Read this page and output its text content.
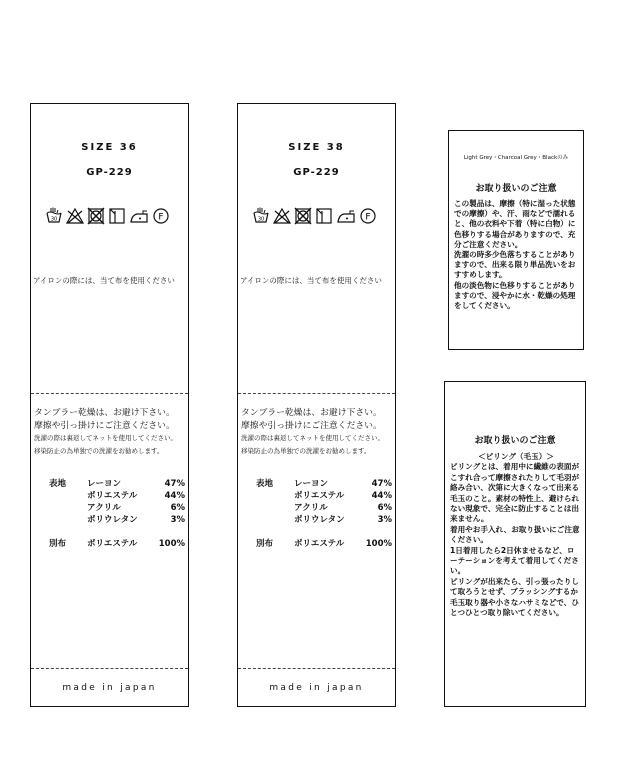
SIZE 36
GP-229
30	F
アイロンの際には、当て布を使用ください
タンブラー乾燥は、お避け下さい。
摩擦や引っ掛けにご注意ください。
洗濯の際は裏返してネットを使用してください。
移染防止の為単独での洗濯をお勧めします。
表地	レーヨン	47%
ポリエステル	44%
アクリル	6%
ポリウレタン	3%
別布	ポリエステル	100%
made in japan
SIZE 38
GP-229
30	F
アイロンの際には、当て布を使用ください
タンブラー乾燥は、お避け下さい。
摩擦や引っ掛けにご注意ください。
洗濯の際は裏返してネットを使用してください。
移染防止の為単独での洗濯をお勧めします。
表地	レーヨン	47%
ポリエステル	44%
アクリル	6%
ポリウレタン	3%
別布	ポリエステル	100%
made in japan
Light Grey・Charcoal Grey・Blackのみ
お取り扱いのご注意

この製品は、摩擦（特に湿った状態での摩擦）や、汗、雨などで濡れると、他の衣料や下着（特に白物）に色移りする場合がありますので、充分ご注意ください。

洗濯の時多少色落ちすることがありますので、出来る限り単品洗いをおすすめします。

他の淡色物に色移りすることがありますので、浸やかに水・乾燥の処理をしてください。

お取り扱いのご注意

＜ピリング（毛玉）＞

ピリングとは、着用中に繊維の表面がこすれ合って摩擦されたりして毛羽が絡み合い、次第に大きくなって出来る毛玉のこと。素材の特性上、避けられない現象で、完全に防止することは出来ません。

着用やお手入れ、お取り扱いにご注意ください。

1日着用したら2日休ませるなど、ローテーションを考えて着用してください。

ピリングが出来たら、引っ張ったりして取ろうとせず、ブラッシングするか毛玉取り器や小さなハサミなどで、ひとつひとつ取り除いてください。
